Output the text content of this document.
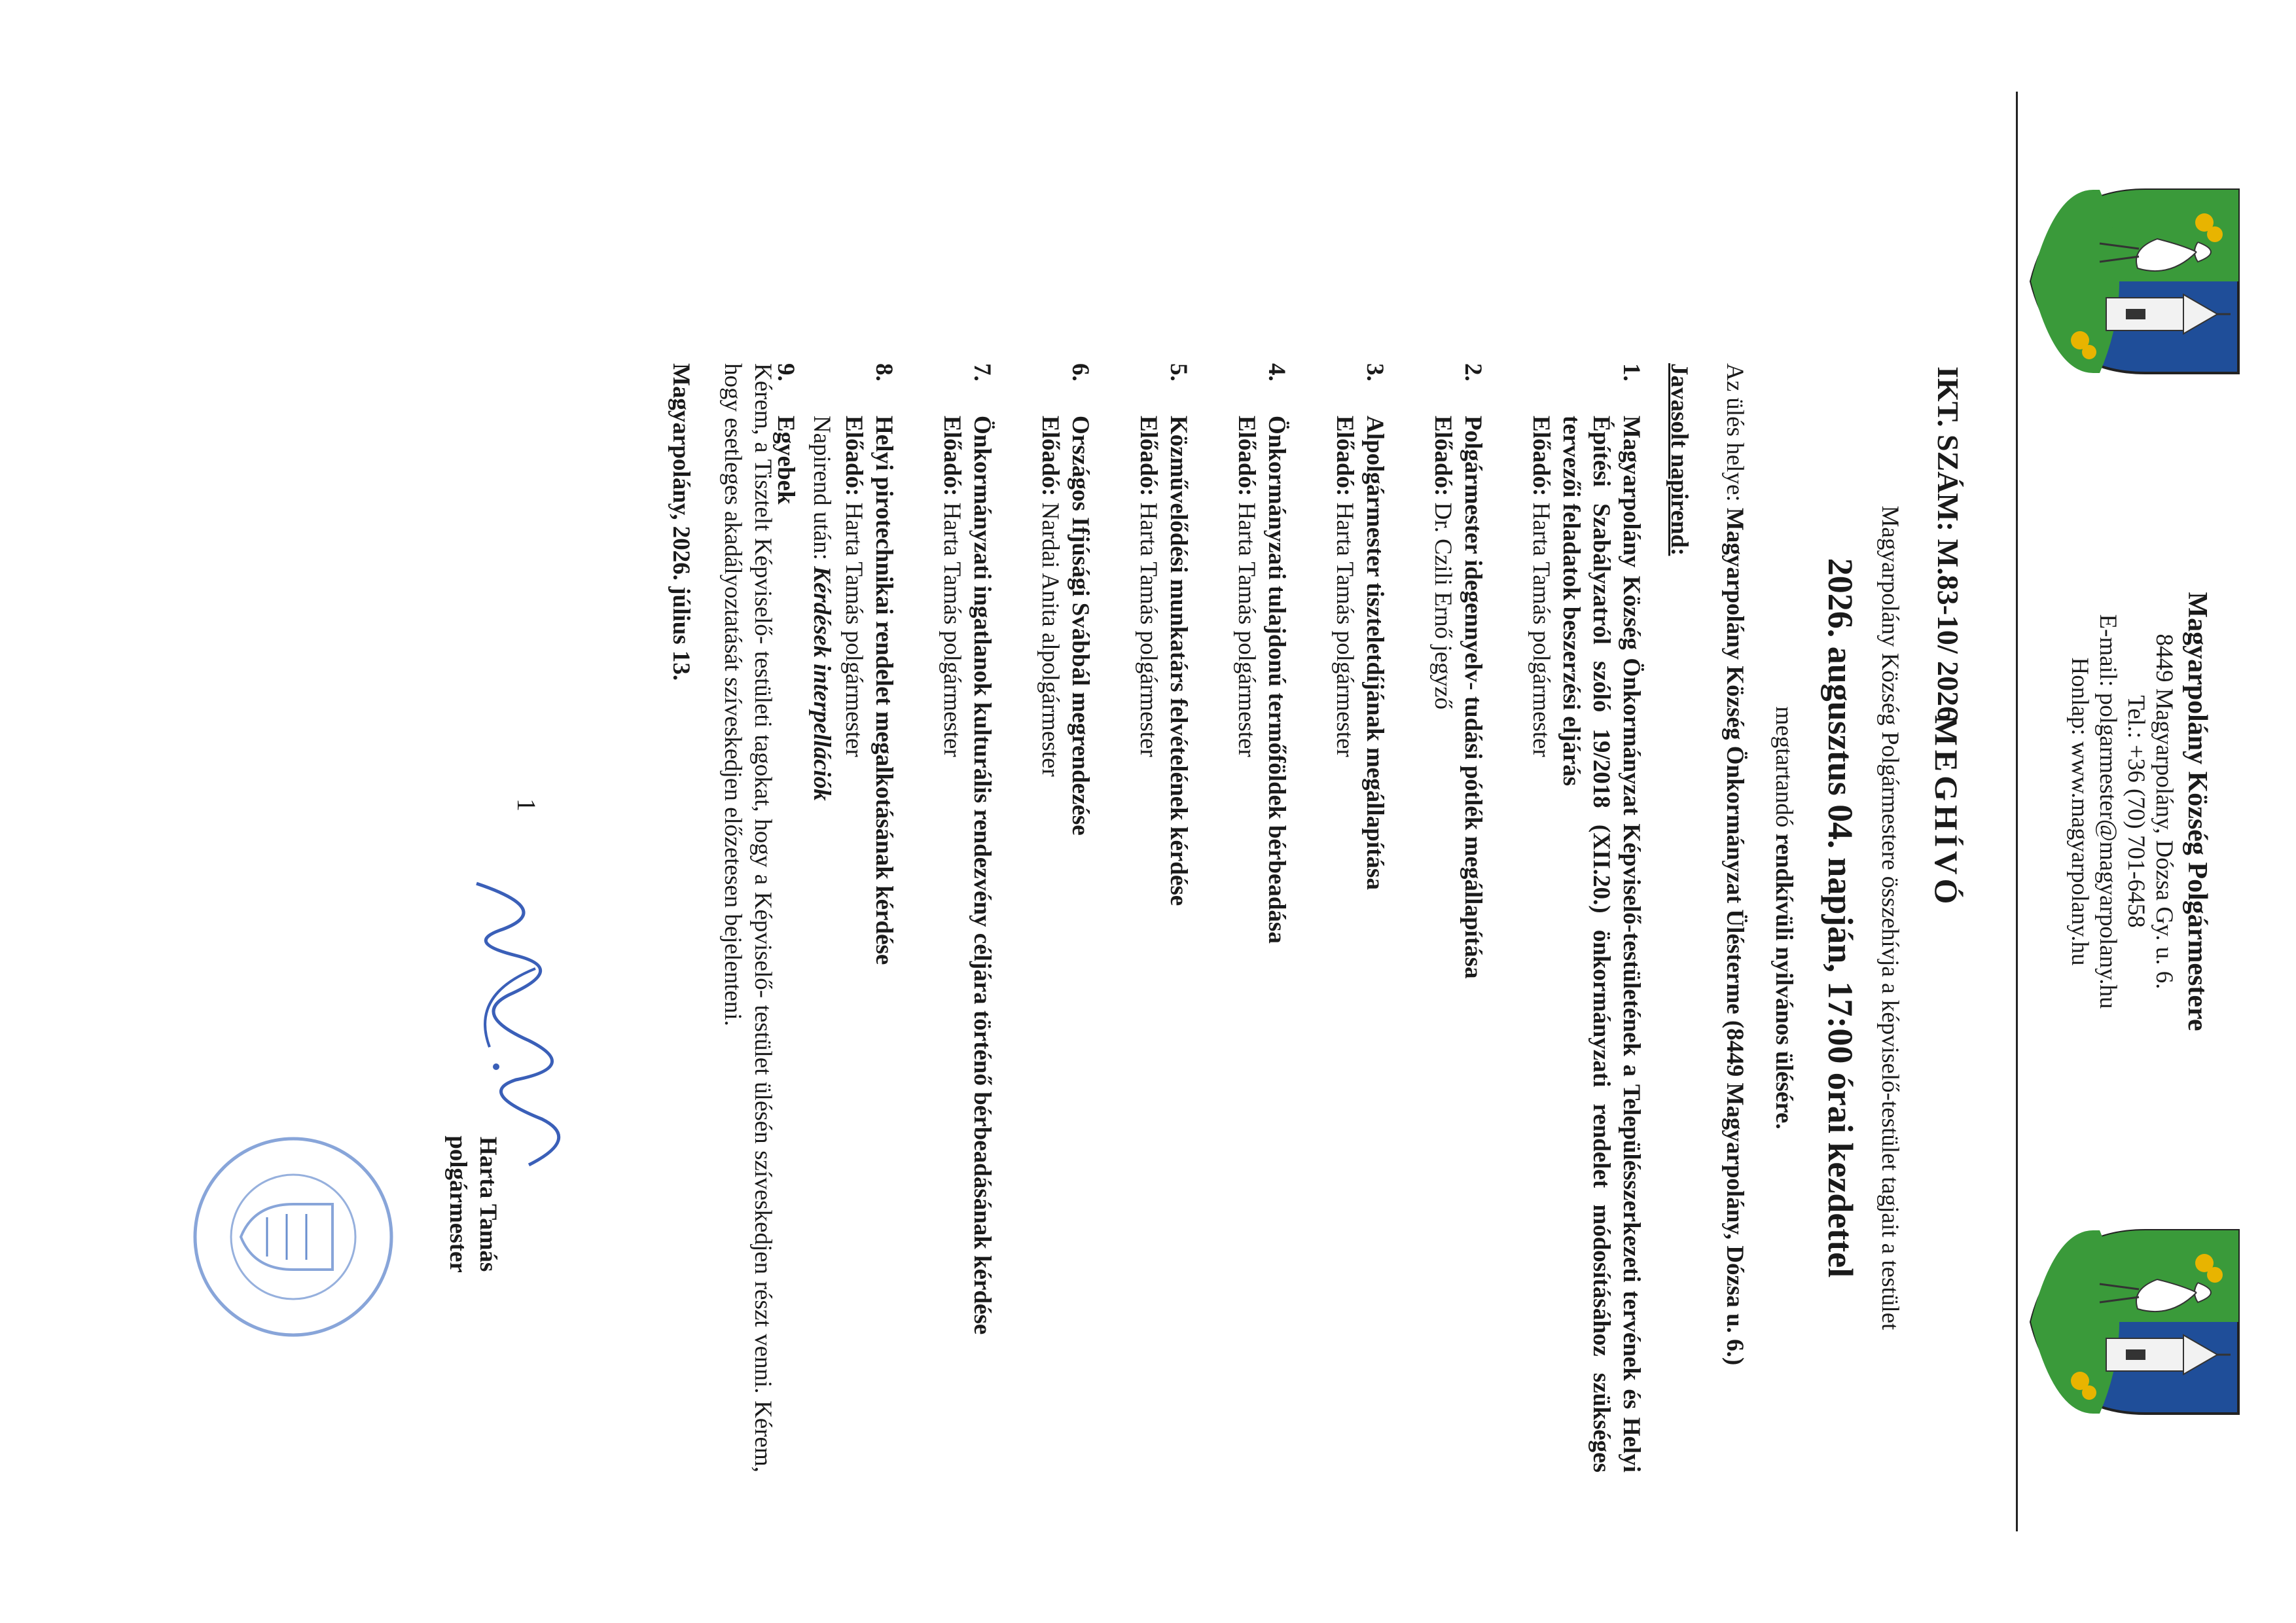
Magyarpolány Község Polgármestere
8449 Magyarpolány, Dózsa Gy. u. 6.
Tel.: +36 (70) 701-6458
E-mail: polgarmester@magyarpolany.hu
Honlap: www.magyarpolany.hu
IKT. SZÁM: M.83-10/ 2026
MEGHÍVÓ
Magyarpolány Község Polgármestere összehívja a képviselő-testület tagjait a testület
2026. augusztus 04. napján, 17:00 órai kezdettel
megtartandó rendkívüli nyilvános ülésére.
Az ülés helye: Magyarpolány Község Önkormányzat Ülésterme (8449 Magyarpolány, Dózsa u. 6.)
Javasolt napirend:
1.
Magyarpolány Község Önkormányzat Képviselő-testületének a Településszerkezeti tervének és Helyi Építési Szabályzatról szóló 19/2018 (XII.20.) önkormányzati rendelet módosításához szükséges tervezői feladatok beszerzési eljárás
Előadó: Harta Tamás polgármester
2.
Polgármester idegennyelv- tudási pótlék megállapítása
Előadó: Dr. Czili Ernő jegyző
3.
Alpolgármester tiszteletdíjának megállapítása
Előadó: Harta Tamás polgármester
4.
Önkormányzati tulajdonú termőföldek bérbeadása
Előadó: Harta Tamás polgármester
5.
Közművelődési munkatárs felvételének kérdése
Előadó: Harta Tamás polgármester
6.
Országos Ifjúsági Svábbál megrendezése
Előadó: Nardai Anita alpolgármester
7.
Önkormányzati ingatlanok kulturális rendezvény céljára történő bérbeadásának kérdése
Előadó: Harta Tamás polgármester
8.
Helyi pirotechnikai rendelet megalkotásának kérdése
Előadó: Harta Tamás polgármester
9.
Egyebek Napirend után: Kérdések interpellációk
Kérem, a Tisztelt Képviselő- testületi tagokat, hogy a Képviselő- testület ülésén szíveskedjen részt venni. Kérem, hogy esetleges akadályoztatását szíveskedjen előzetesen bejelenteni.
Magyarpolány, 2026. július 13.
1
Harta Tamás
polgármester
